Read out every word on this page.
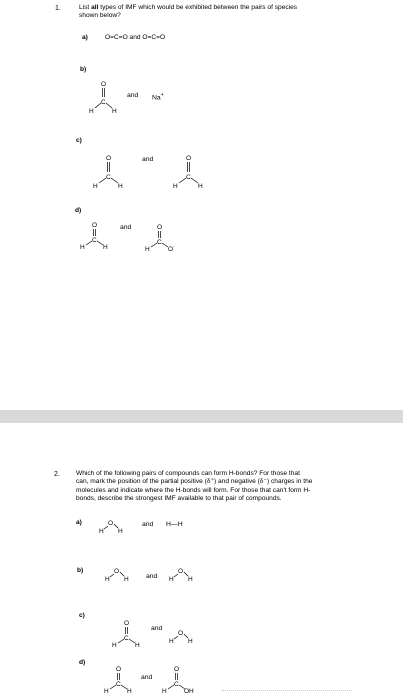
1.	List all types of IMF which would be exhibited between the pairs of species
shown below?
a)	O=C=O and O=C=O
b)
O
C
H	H
and Na+
c)
O
C
H	H
and	O
C
H	H
d)
O
C
H	H
and	O
C
H	O
-
2. Which of the following pairs of compounds can form H-bonds? For those that
can, mark the position of the partial positive (δ⁺) and negative (δ⁻) charges in the
molecules and indicate where the H-bonds will form. For those that can't form H-
bonds, describe the strongest IMF available to that pair of compounds.
a)
H
O
H
and H—H
b)
H
O
H	and H
O
H
c)
O
C
H	H
and
H
O
H
d)
O
C
H	H
and
O
C
H	OH
